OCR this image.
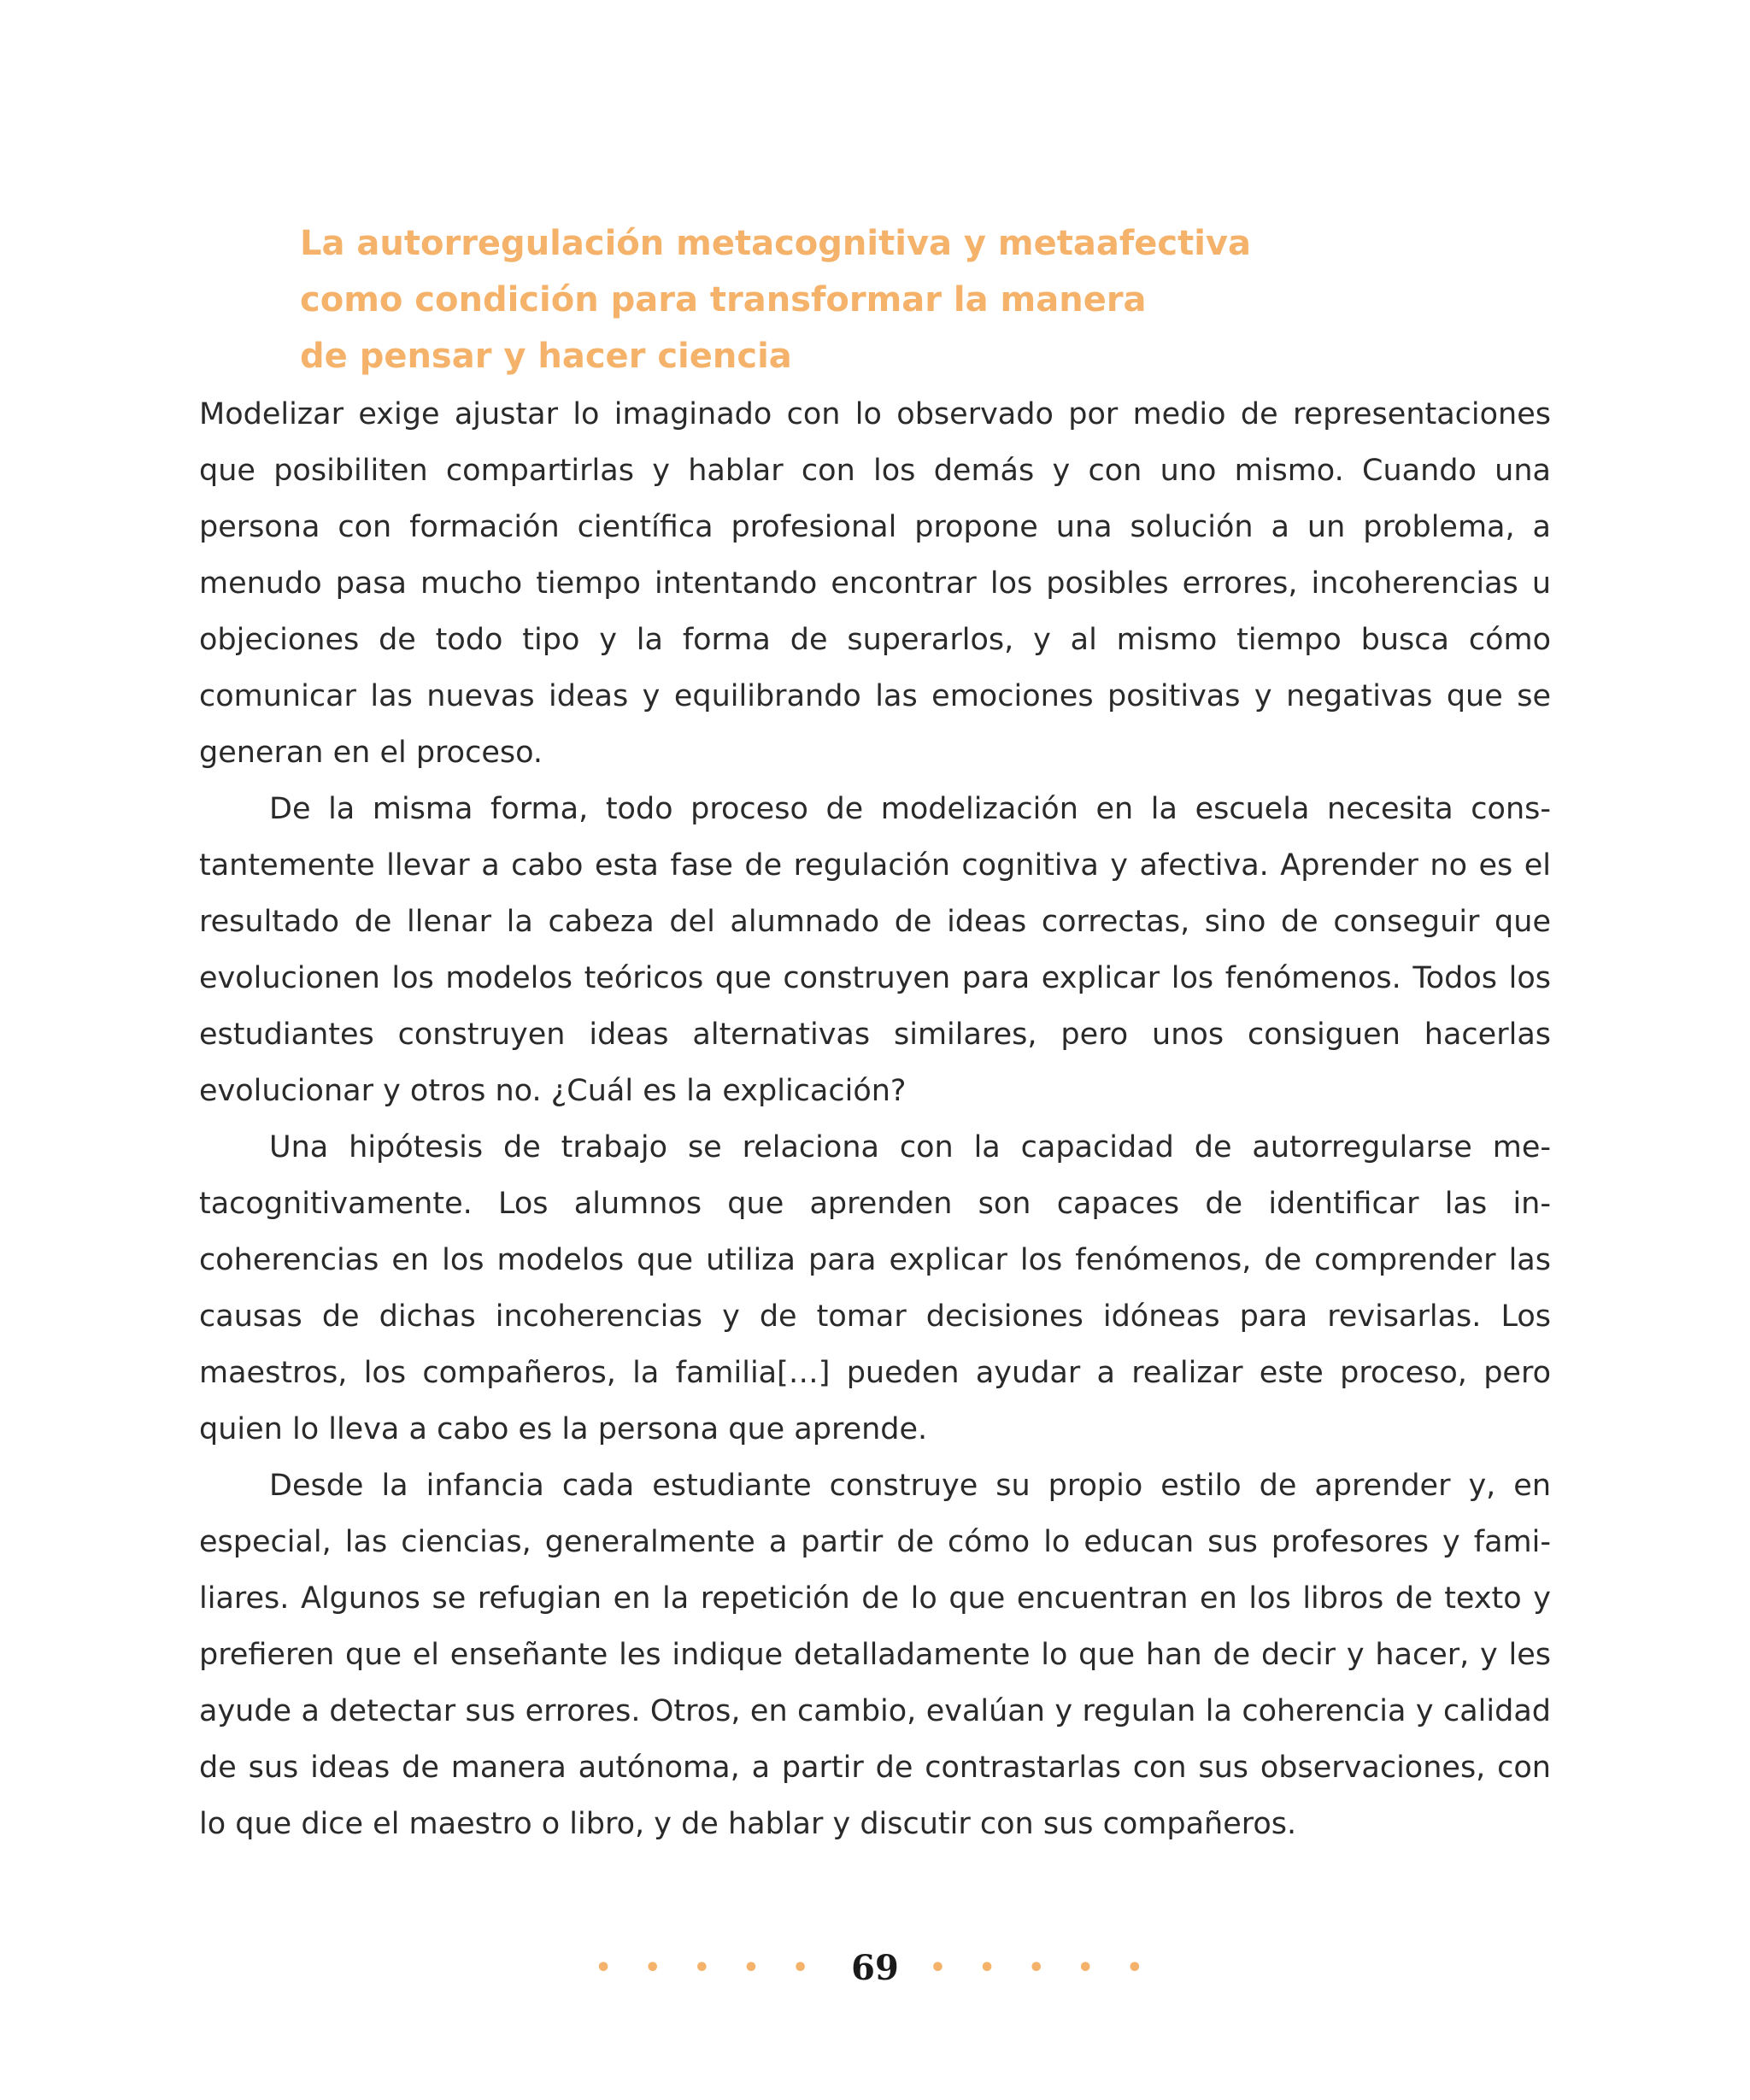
La autorregulación metacognitiva y metaafectiva
como condición para transformar la manera
de pensar y hacer ciencia

Modelizar exige ajustar lo imaginado con lo observado por medio de representaciones que posibiliten compartirlas y hablar con los demás y con uno mismo. Cuando una persona con formación científica profesional propone una solución a un problema, a menudo pasa mucho tiempo intentando encontrar los posibles errores, incoherencias u objeciones de todo tipo y la forma de superarlos, y al mismo tiempo busca cómo comunicar las nuevas ideas y equilibrando las emociones positivas y negativas que se generan en el proceso.

De la misma forma, todo proceso de modelización en la escuela necesita constantemente llevar a cabo esta fase de regulación cognitiva y afectiva. Aprender no es el resultado de llenar la cabeza del alumnado de ideas correctas, sino de conseguir que evolucionen los modelos teóricos que construyen para explicar los fenómenos. Todos los estudiantes construyen ideas alternativas similares, pero unos consiguen hacerlas evolucionar y otros no. ¿Cuál es la explicación?

Una hipótesis de trabajo se relaciona con la capacidad de autorregularse metacognitivamente. Los alumnos que aprenden son capaces de identificar las incoherencias en los modelos que utiliza para explicar los fenómenos, de comprender las causas de dichas incoherencias y de tomar decisiones idóneas para revisarlas. Los maestros, los compañeros, la familia[…] pueden ayudar a realizar este proceso, pero quien lo lleva a cabo es la persona que aprende.

Desde la infancia cada estudiante construye su propio estilo de aprender y, en especial, las ciencias, generalmente a partir de cómo lo educan sus profesores y familiares. Algunos se refugian en la repetición de lo que encuentran en los libros de texto y prefieren que el enseñante les indique detalladamente lo que han de decir y hacer, y les ayude a detectar sus errores. Otros, en cambio, evalúan y regulan la coherencia y calidad de sus ideas de manera autónoma, a partir de contrastarlas con sus observaciones, con lo que dice el maestro o libro, y de hablar y discutir con sus compañeros.

• • • • • 69 • • • • •
